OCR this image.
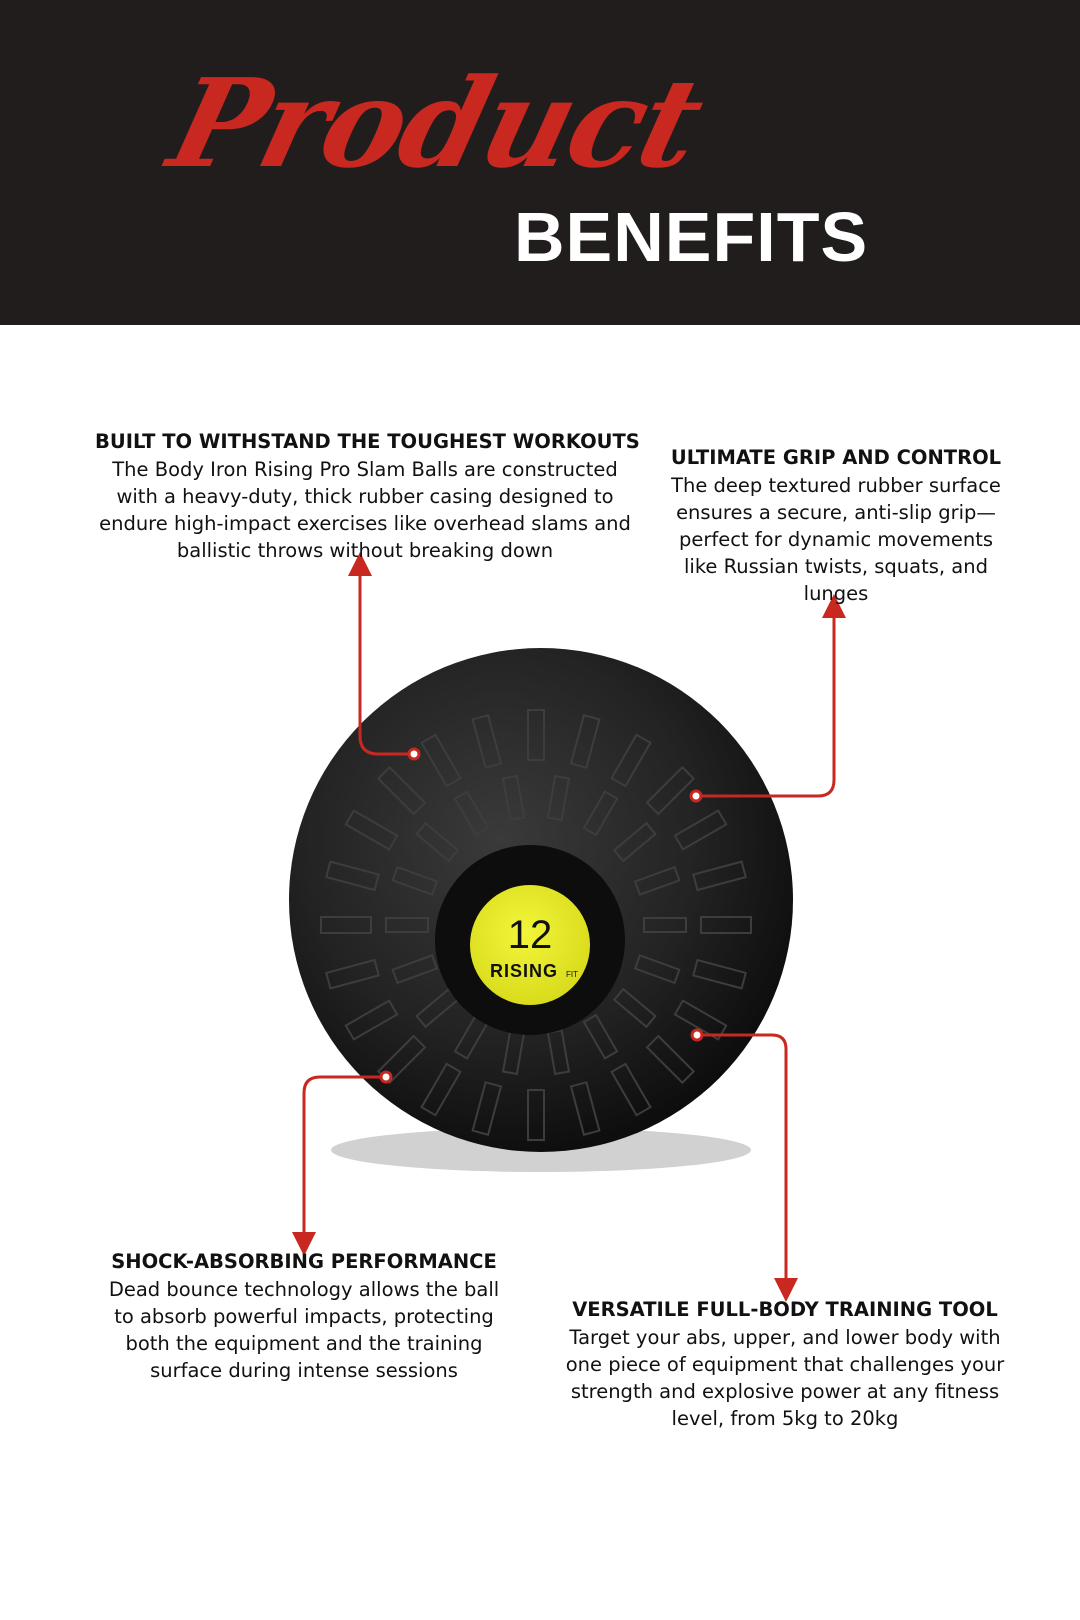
12
RISING FIT
Product
BENEFITS
BUILT TO WITHSTAND THE TOUGHEST WORKOUTS

The Body Iron Rising Pro Slam Balls are constructed with a heavy-duty, thick rubber casing designed to endure high-impact exercises like overhead slams and ballistic throws without breaking down

ULTIMATE GRIP AND CONTROL

The deep textured rubber surface ensures a secure, anti-slip grip—perfect for dynamic movements like Russian twists, squats, and lunges

SHOCK-ABSORBING PERFORMANCE

Dead bounce technology allows the ball to absorb powerful impacts, protecting both the equipment and the training surface during intense sessions

VERSATILE FULL-BODY TRAINING TOOL

Target your abs, upper, and lower body with one piece of equipment that challenges your strength and explosive power at any fitness level, from 5kg to 20kg
